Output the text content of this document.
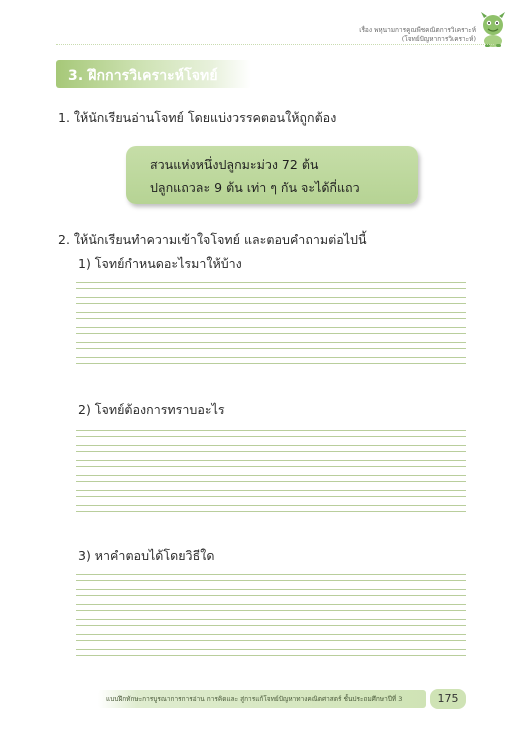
เรื่อง พหุนามการคูณพีชคณิตการวิเคราะห์
(โจทย์ปัญหาการวิเคราะห์)
3. ฝึกการวิเคราะห์โจทย์
1. ให้นักเรียนอ่านโจทย์ โดยแบ่งวรรคตอนให้ถูกต้อง
สวนแห่งหนึ่งปลูกมะม่วง 72 ต้น
ปลูกแถวละ 9 ต้น เท่า ๆ กัน จะได้กี่แถว
2. ให้นักเรียนทำความเข้าใจโจทย์ และตอบคำถามต่อไปนี้
1) โจทย์กำหนดอะไรมาให้บ้าง
2) โจทย์ต้องการทราบอะไร
3) หาคำตอบได้โดยวิธีใด
แบบฝึกทักษะการบูรณาการการอ่าน การคิดและ สู่การแก้โจทย์ปัญหาทางคณิตศาสตร์ ชั้นประถมศึกษาปีที่ 3	175
